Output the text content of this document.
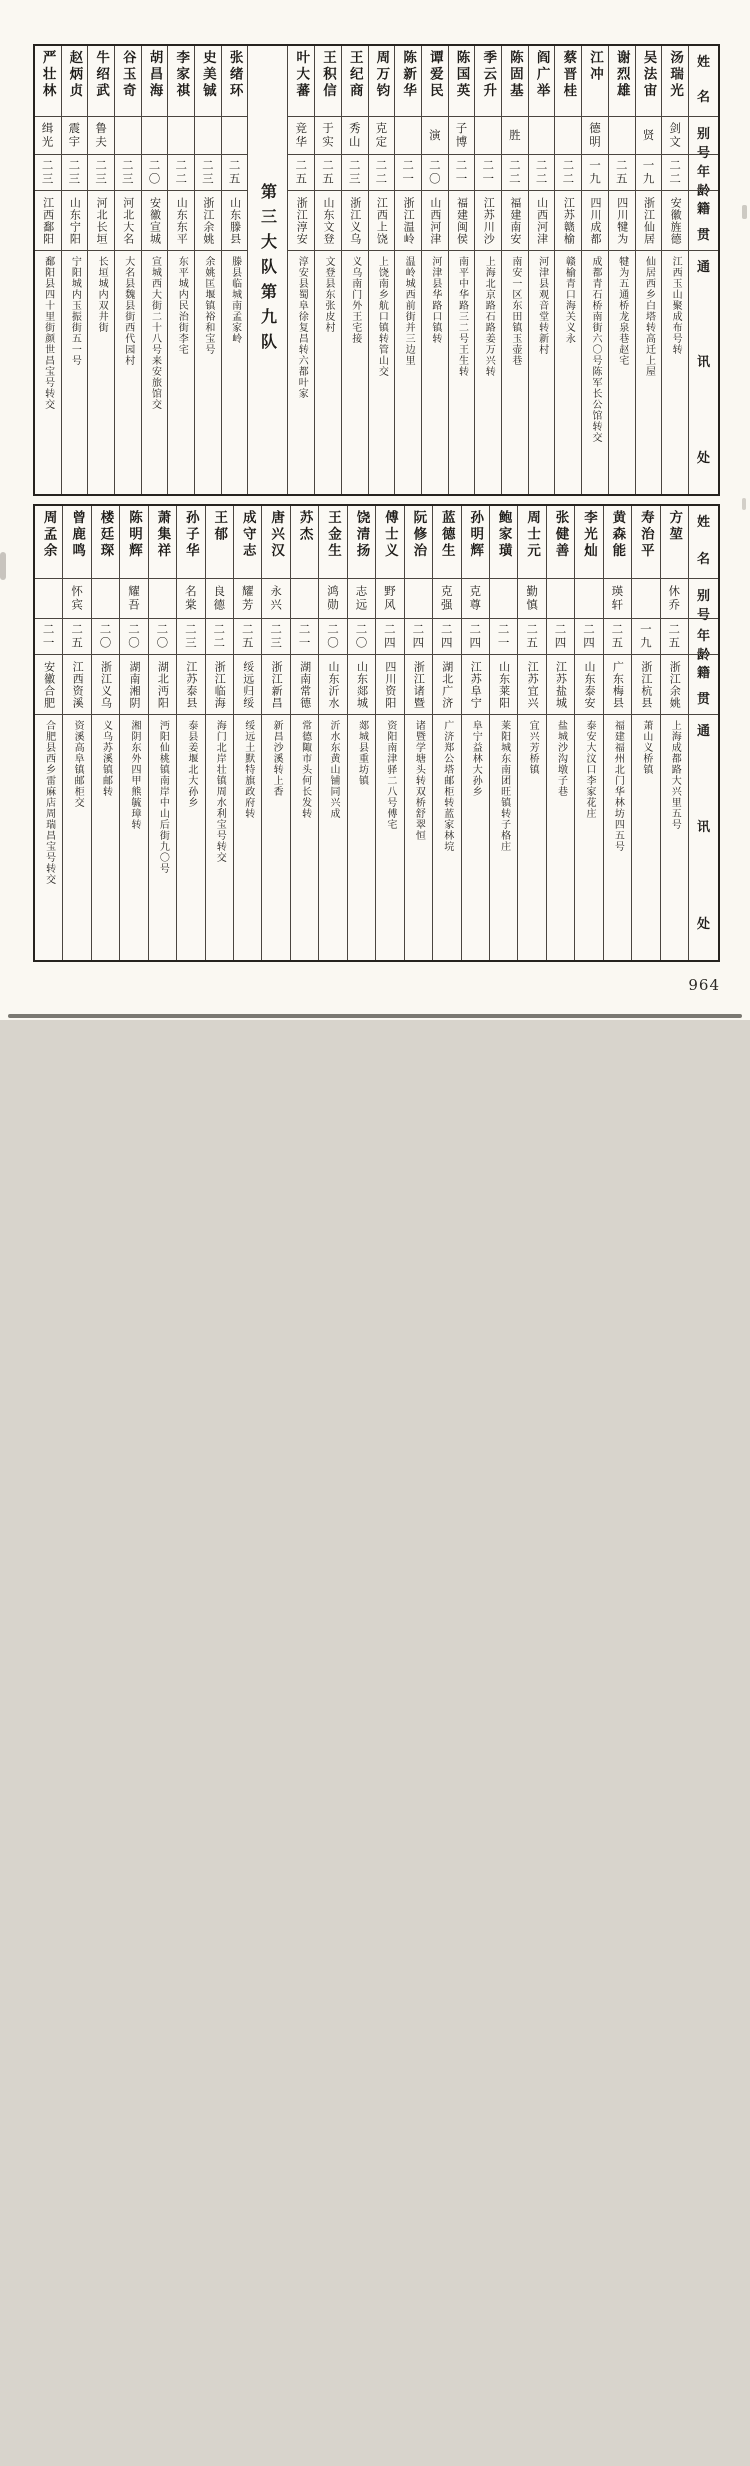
姓
名
别
号
年
龄
籍
贯
通
讯
处
汤瑞光
剑文
二二
安徽旌德
江西玉山聚成布号转
吴法宙
贤
一九
浙江仙居
仙居西乡白塔转高迁上屋
谢烈雄
二五
四川犍为
犍为五通桥龙泉巷赵宅
江冲
德明
一九
四川成都
成都青石桥南街六〇号陈军长公馆转交
蔡晋桂
二二
江苏赣榆
赣榆青口海关义永
阎广举
二二
山西河津
河津县观音堂转新村
陈固基
胜
二二
福建南安
南安一区东田镇玉壶巷
季云升
二一
江苏川沙
上海北京路石路姜万兴转
陈国英
子博
二一
福建闽侯
南平中华路三二号王生转
谭爱民
演
二〇
山西河津
河津县华路口镇转
陈新华
二一
浙江温岭
温岭城西前街并三边里
周万钧
克定
二二
江西上饶
上饶南乡航口镇转管山交
王纪商
秀山
二三
浙江义乌
义乌南门外王宅接
王积信
于实
二五
山东文登
文登县东张皮村
叶大蕃
竞华
二五
浙江淳安
淳安县蜀阜徐复昌转六都叶家
第三大队第九队
张绪环
二五
山东滕县
滕县临城南孟家岭
史美铖
二三
浙江余姚
余姚匡堰镇裕和宝号
李家祺
二二
山东东平
东平城内民治街李宅
胡昌海
二〇
安徽宣城
宣城西大街二十八号来安旅馆交
谷玉奇
二三
河北大名
大名县魏县街西代园村
牛绍武
鲁夫
二三
河北长垣
长垣城内双井街
赵炳贞
震宇
二三
山东宁阳
宁阳城内玉振街五一号
严壮林
缉光
二三
江西鄱阳
鄱阳县四十里街颜世昌宝号转交
姓
名
别
号
年
龄
籍
贯
通
讯
处
方堃
休乔
二五
浙江余姚
上海成都路大兴里五号
寿治平
一九
浙江杭县
萧山义桥镇
黄森能
瑛轩
二五
广东梅县
福建福州北门华林坊四五号
李光灿
二四
山东泰安
泰安大汶口李家花庄
张健善
二四
江苏盐城
盐城沙沟墩子巷
周士元
勤慎
二五
江苏宜兴
宜兴芳桥镇
鲍家璜
二一
山东莱阳
莱阳城东南团旺镇转子格庄
孙明辉
克尊
二四
江苏阜宁
阜宁益林大孙乡
蓝德生
克强
二四
湖北广济
广济郑公塔邮柜转蓝家林垸
阮修治
二四
浙江诸暨
诸暨学塘头转双桥舒翠恒
傅士义
野风
二四
四川资阳
资阳南津驿二八号傅宅
饶清扬
志远
二〇
山东郯城
郯城县重坊镇
王金生
鸿勋
二〇
山东沂水
沂水东黄山铺同兴成
苏杰
二一
湖南常德
常德陬市头何长发转
唐兴汉
永兴
二三
浙江新昌
新昌沙溪转上香
成守志
耀芳
二五
绥远归绥
绥远土默特旗政府转
王郁
良德
二二
浙江临海
海门北岸壮镇周水利宝号转交
孙子华
名棠
二三
江苏泰县
泰县姜堰北大孙乡
萧集祥
二〇
湖北沔阳
沔阳仙桃镇南岸中山后街九〇号
陈明辉
耀吾
二〇
湖南湘阴
湘阴东外四甲熊毓璋转
楼廷琛
二〇
浙江义乌
义乌苏溪镇邮转
曾鹿鸣
怀宾
二五
江西资溪
资溪高阜镇邮柜交
周孟余
二一
安徽合肥
合肥县西乡雷麻店周瑞昌宝号转交
964
